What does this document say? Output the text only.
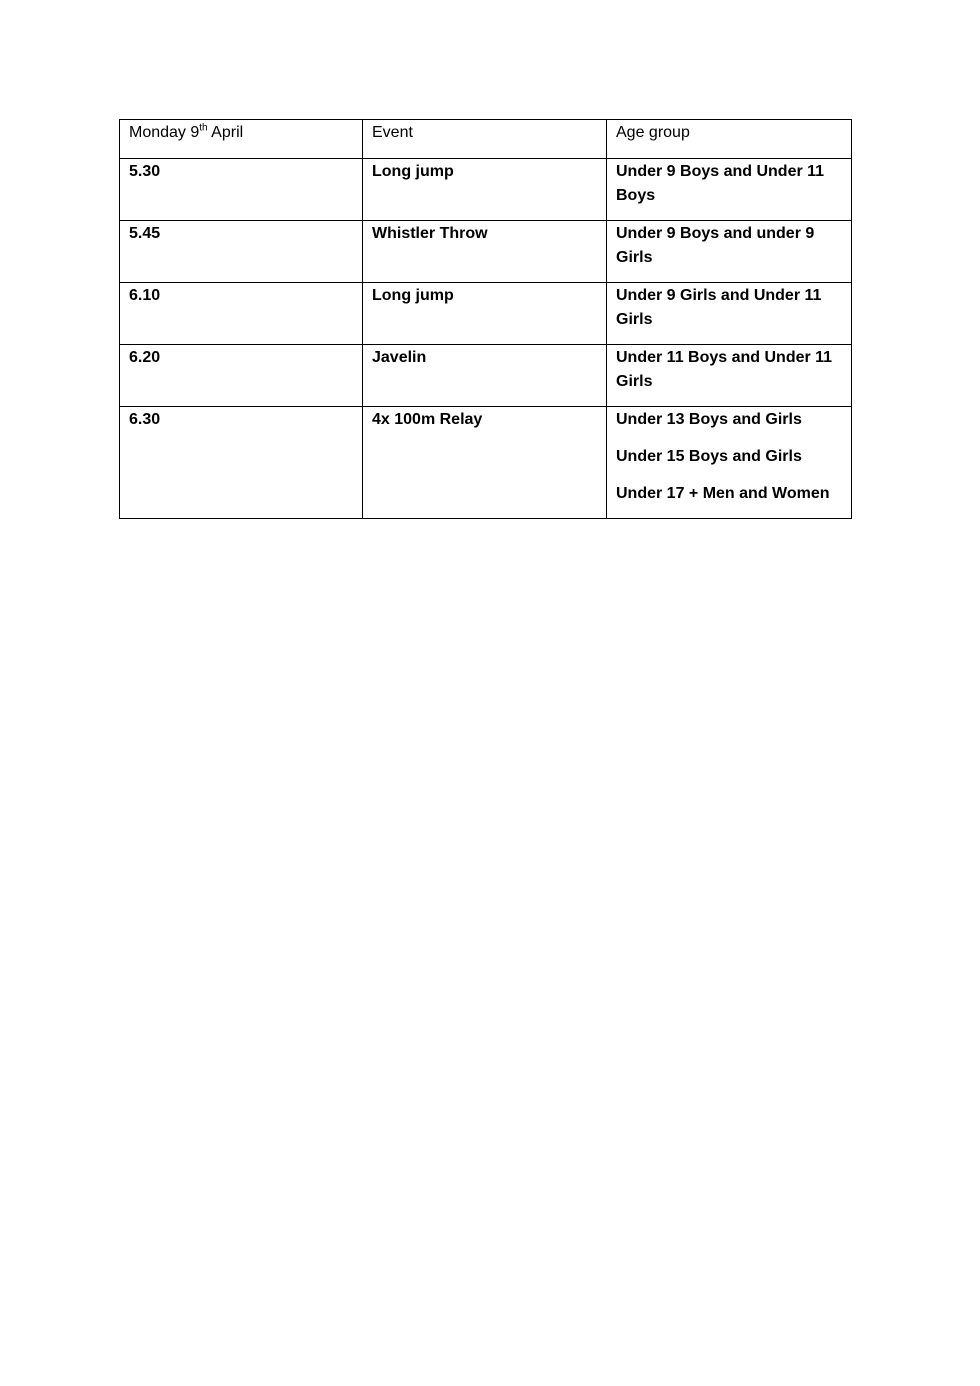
Monday 9th April	Event	Age group
5.30	Long jump	Under 9 Boys and Under 11 Boys

5.45	Whistler Throw	Under 9 Boys and under 9 Girls

6.10	Long jump	Under 9 Girls and Under 11 Girls

6.20	Javelin	Under 11 Boys and Under 11 Girls

6.30	4x 100m Relay	Under 13 Boys and Girls
Under 15 Boys and Girls
Under 17 + Men and Women
